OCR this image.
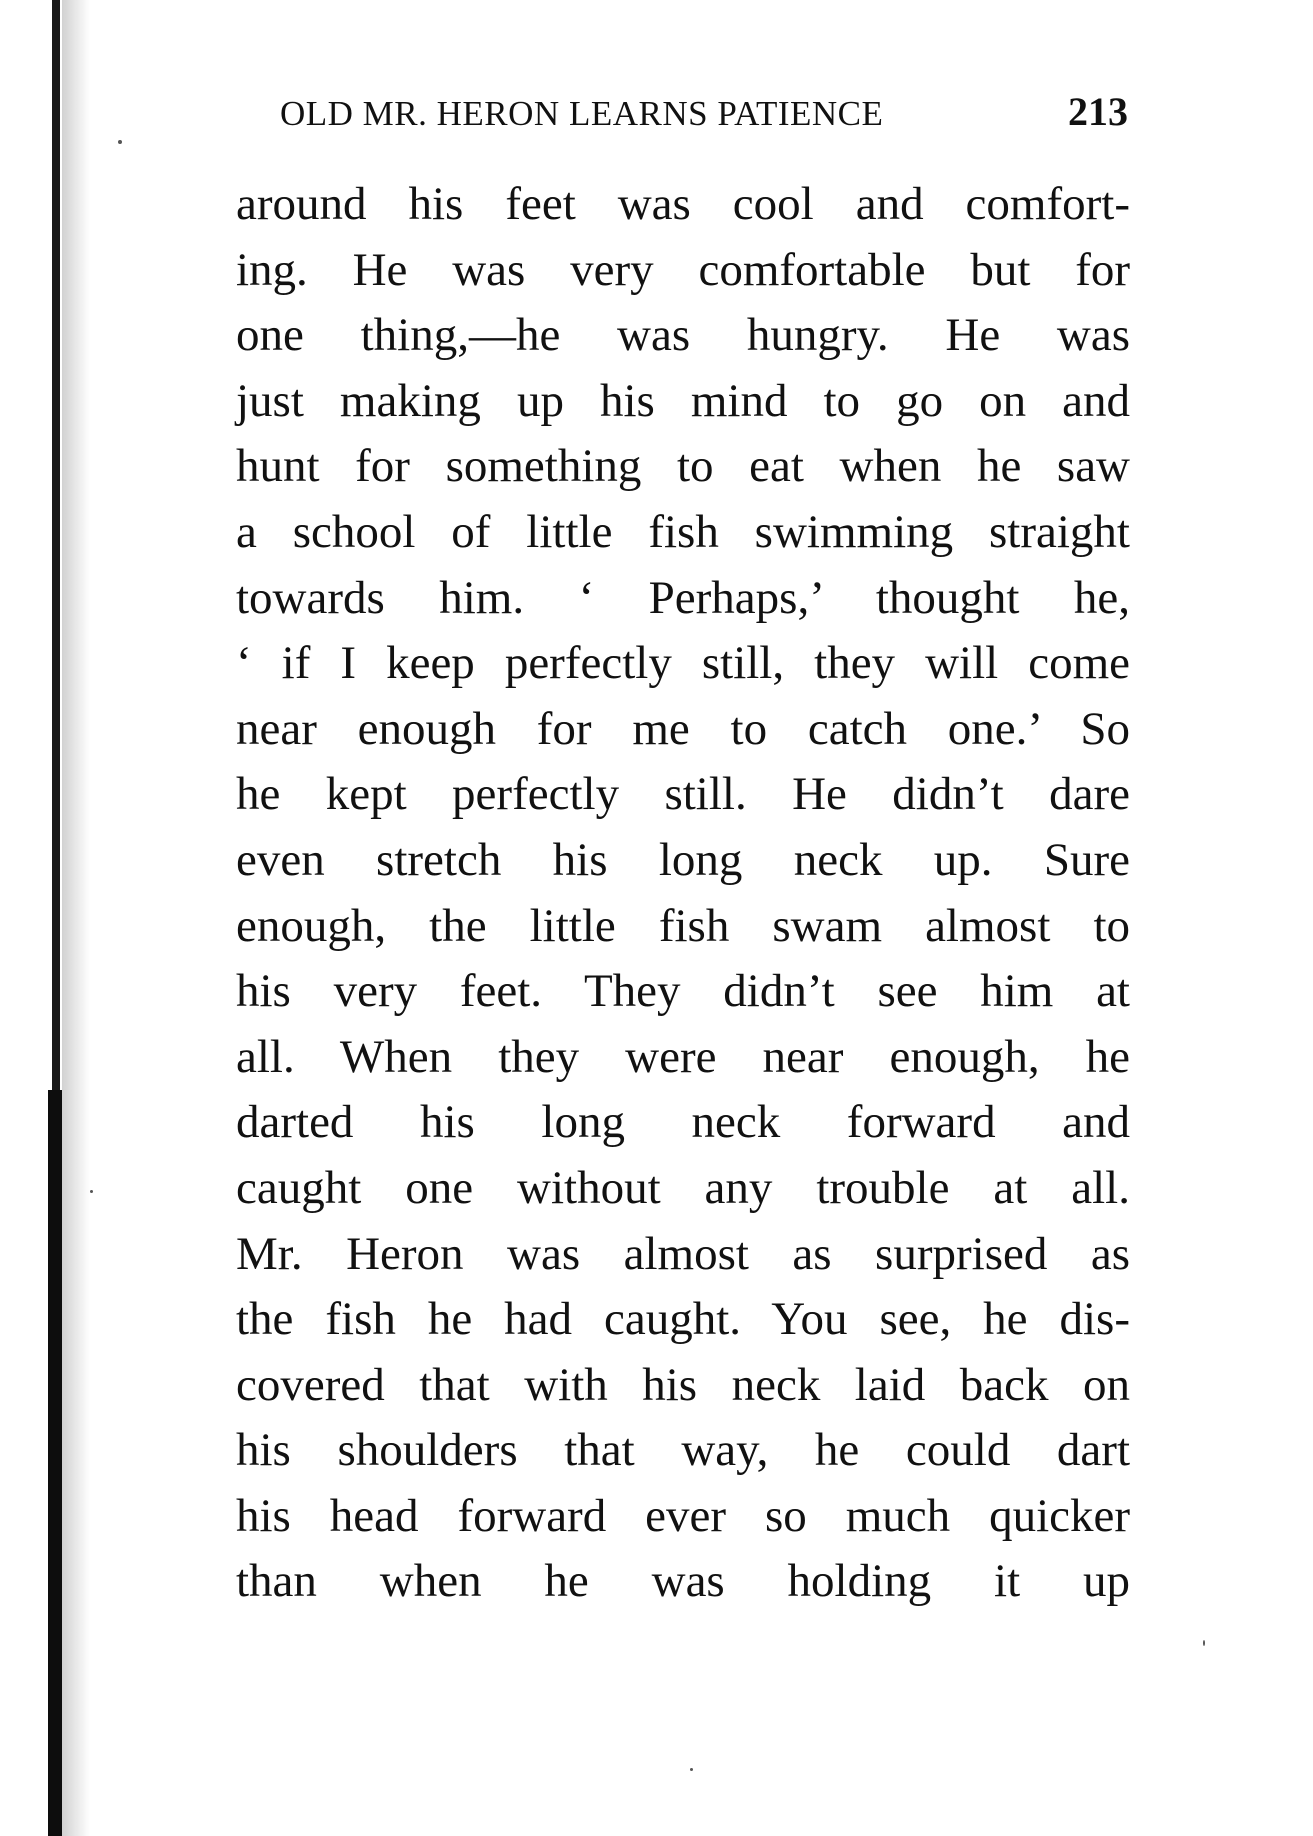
OLD MR. HERON LEARNS PATIENCE	213
around his feet was cool and comfort-
ing. He was very comfortable but for
one thing,—he was hungry. He was
just making up his mind to go on and
hunt for something to eat when he saw
a school of little fish swimming straight
towards him. ‘ Perhaps,’ thought he,
‘ if I keep perfectly still, they will come
near enough for me to catch one.’ So
he kept perfectly still. He didn’t dare
even stretch his long neck up. Sure
enough, the little fish swam almost to
his very feet. They didn’t see him at
all. When they were near enough, he
darted his long neck forward and
caught one without any trouble at all.
Mr. Heron was almost as surprised as
the fish he had caught. You see, he dis-
covered that with his neck laid back on
his shoulders that way, he could dart
his head forward ever so much quicker
than when he was holding it up
